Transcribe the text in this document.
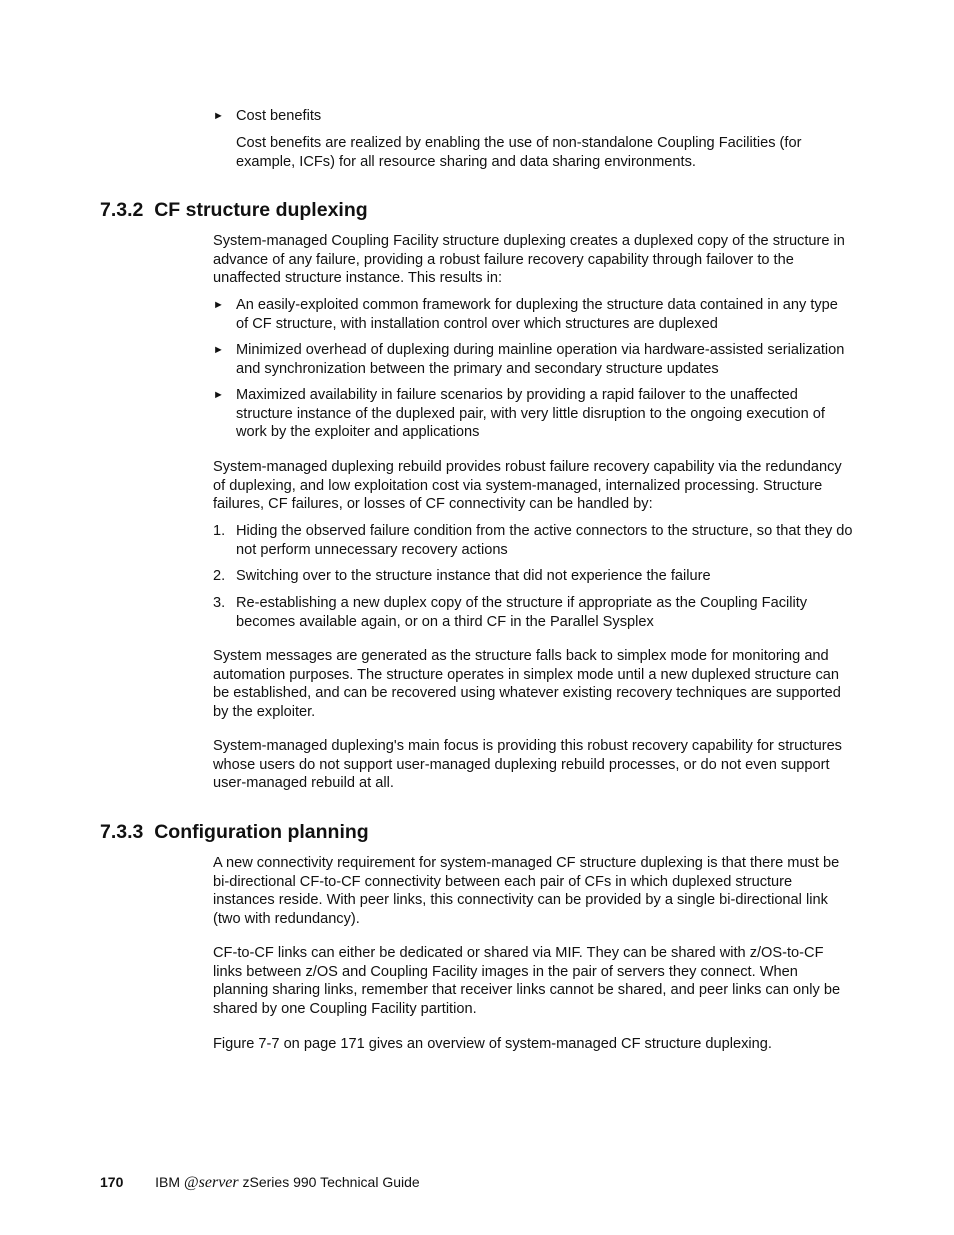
► Cost benefits
Cost benefits are realized by enabling the use of non-standalone Coupling Facilities (for example, ICFs) for all resource sharing and data sharing environments.
7.3.2 CF structure duplexing
System-managed Coupling Facility structure duplexing creates a duplexed copy of the structure in advance of any failure, providing a robust failure recovery capability through failover to the unaffected structure instance. This results in:
► An easily-exploited common framework for duplexing the structure data contained in any type of CF structure, with installation control over which structures are duplexed
► Minimized overhead of duplexing during mainline operation via hardware-assisted serialization and synchronization between the primary and secondary structure updates
► Maximized availability in failure scenarios by providing a rapid failover to the unaffected structure instance of the duplexed pair, with very little disruption to the ongoing execution of work by the exploiter and applications
System-managed duplexing rebuild provides robust failure recovery capability via the redundancy of duplexing, and low exploitation cost via system-managed, internalized processing. Structure failures, CF failures, or losses of CF connectivity can be handled by:
1. Hiding the observed failure condition from the active connectors to the structure, so that they do not perform unnecessary recovery actions
2. Switching over to the structure instance that did not experience the failure
3. Re-establishing a new duplex copy of the structure if appropriate as the Coupling Facility becomes available again, or on a third CF in the Parallel Sysplex
System messages are generated as the structure falls back to simplex mode for monitoring and automation purposes. The structure operates in simplex mode until a new duplexed structure can be established, and can be recovered using whatever existing recovery techniques are supported by the exploiter.
System-managed duplexing's main focus is providing this robust recovery capability for structures whose users do not support user-managed duplexing rebuild processes, or do not even support user-managed rebuild at all.
7.3.3 Configuration planning
A new connectivity requirement for system-managed CF structure duplexing is that there must be bi-directional CF-to-CF connectivity between each pair of CFs in which duplexed structure instances reside. With peer links, this connectivity can be provided by a single bi-directional link (two with redundancy).
CF-to-CF links can either be dedicated or shared via MIF. They can be shared with z/OS-to-CF links between z/OS and Coupling Facility images in the pair of servers they connect. When planning sharing links, remember that receiver links cannot be shared, and peer links can only be shared by one Coupling Facility partition.
Figure 7-7 on page 171 gives an overview of system-managed CF structure duplexing.
170 IBM @server zSeries 990 Technical Guide
